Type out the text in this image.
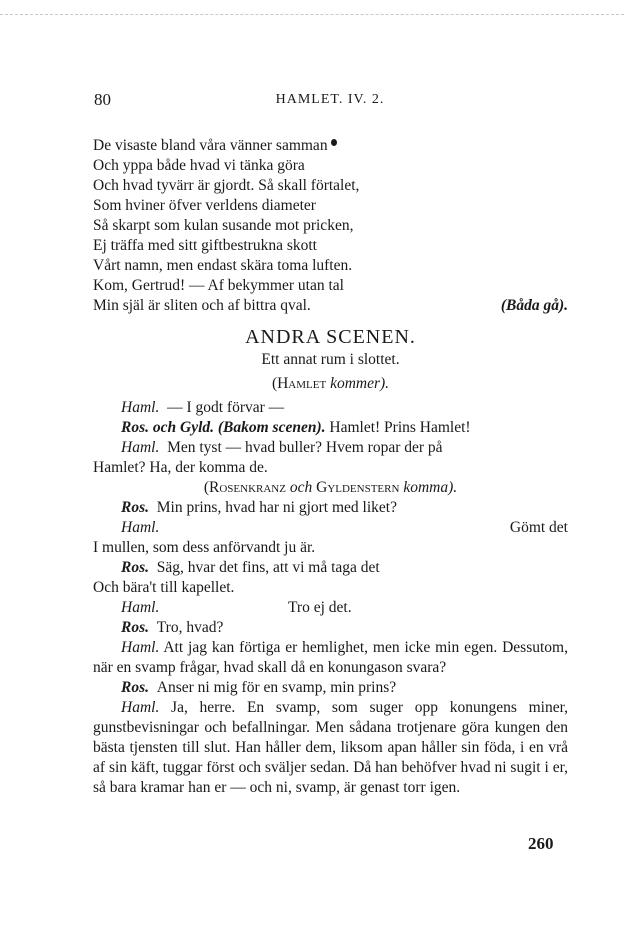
80	HAMLET. IV. 2.
De visaste bland våra vänner samman
Och yppa både hvad vi tänka göra
Och hvad tyvärr är gjordt. Så skall förtalet,
Som hviner öfver verldens diameter
Så skarpt som kulan susande mot pricken,
Ej träffa med sitt giftbestrukna skott
Vårt namn, men endast skära toma luften.
Kom, Gertrud! — Af bekymmer utan tal
Min själ är sliten och af bittra qval.	(Båda gå).
ANDRA SCENEN.
Ett annat rum i slottet.
(Hamlet kommer).
Haml. — I godt förvar —
Ros. och Gyld. (Bakom scenen). Hamlet! Prins Hamlet!
Haml. Men tyst — hvad buller? Hvem ropar der på
Hamlet? Ha, der komma de.
(Rosenkranz och Gyldenstern komma).
Ros. Min prins, hvad har ni gjort med liket?
Haml.	Gömt det
I mullen, som dess anförvandt ju är.
Ros. Säg, hvar det fins, att vi må taga det
Och bära't till kapellet.
Haml.	Tro ej det.
Ros. Tro, hvad?
Haml. Att jag kan förtiga er hemlighet, men icke min egen. Dessutom, när en svamp frågar, hvad skall då en konungason svara?
Ros. Anser ni mig för en svamp, min prins?
Haml. Ja, herre. En svamp, som suger opp konungens miner, gunstbevisningar och befallningar. Men sådana trotjenare göra kungen den bästa tjensten till slut. Han håller dem, liksom apan håller sin föda, i en vrå af sin käft, tuggar först och sväljer sedan. Då han behöfver hvad ni sugit i er, så bara kramar han er — och ni, svamp, är genast torr igen.
260
